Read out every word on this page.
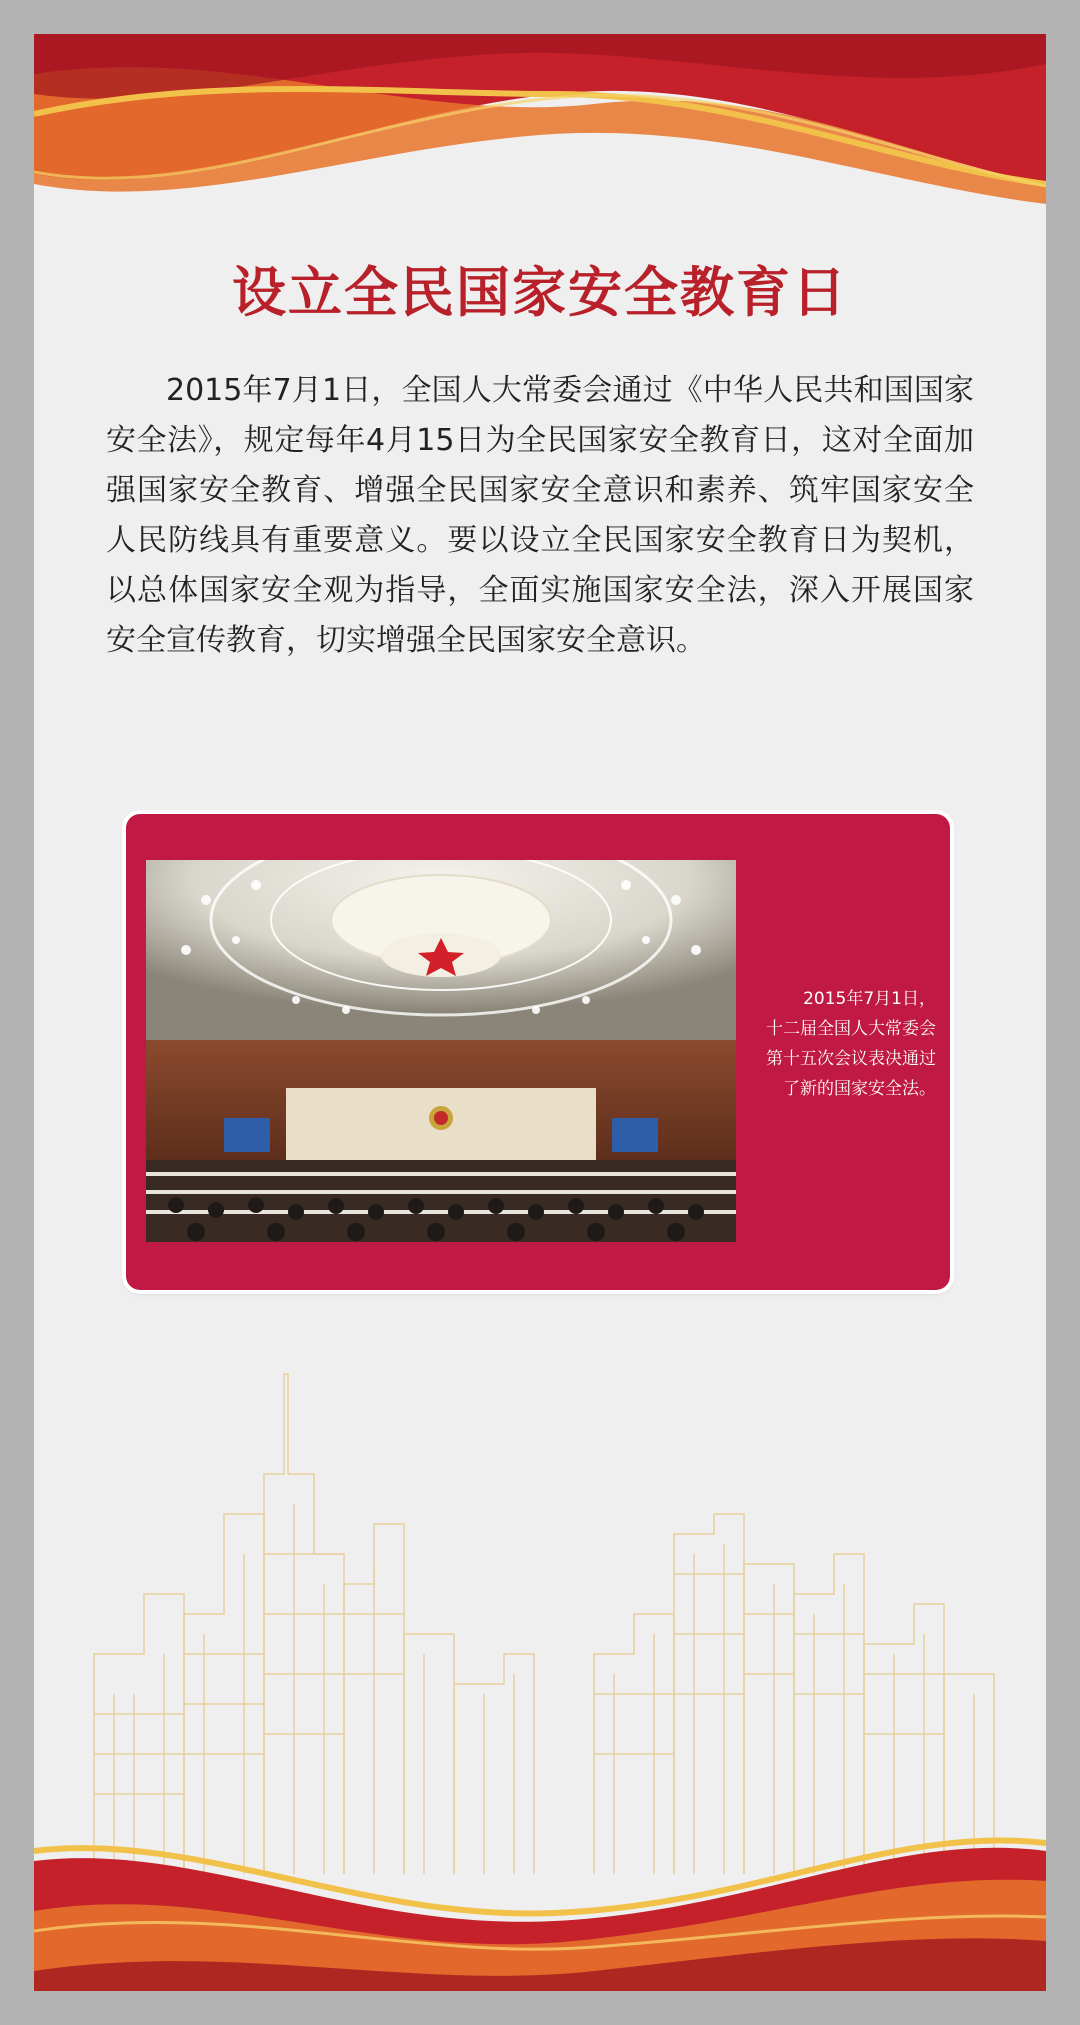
设立全民国家安全教育日
2015年7月1日，全国人大常委会通过《中华人民共和国国家安全法》，规定每年4月15日为全民国家安全教育日，这对全面加强国家安全教育、增强全民国家安全意识和素养、筑牢国家安全人民防线具有重要意义。要以设立全民国家安全教育日为契机，以总体国家安全观为指导，全面实施国家安全法，深入开展国家安全宣传教育，切实增强全民国家安全意识。
2015年7月1日，
十二届全国人大常委会
第十五次会议表决通过
了新的国家安全法。
